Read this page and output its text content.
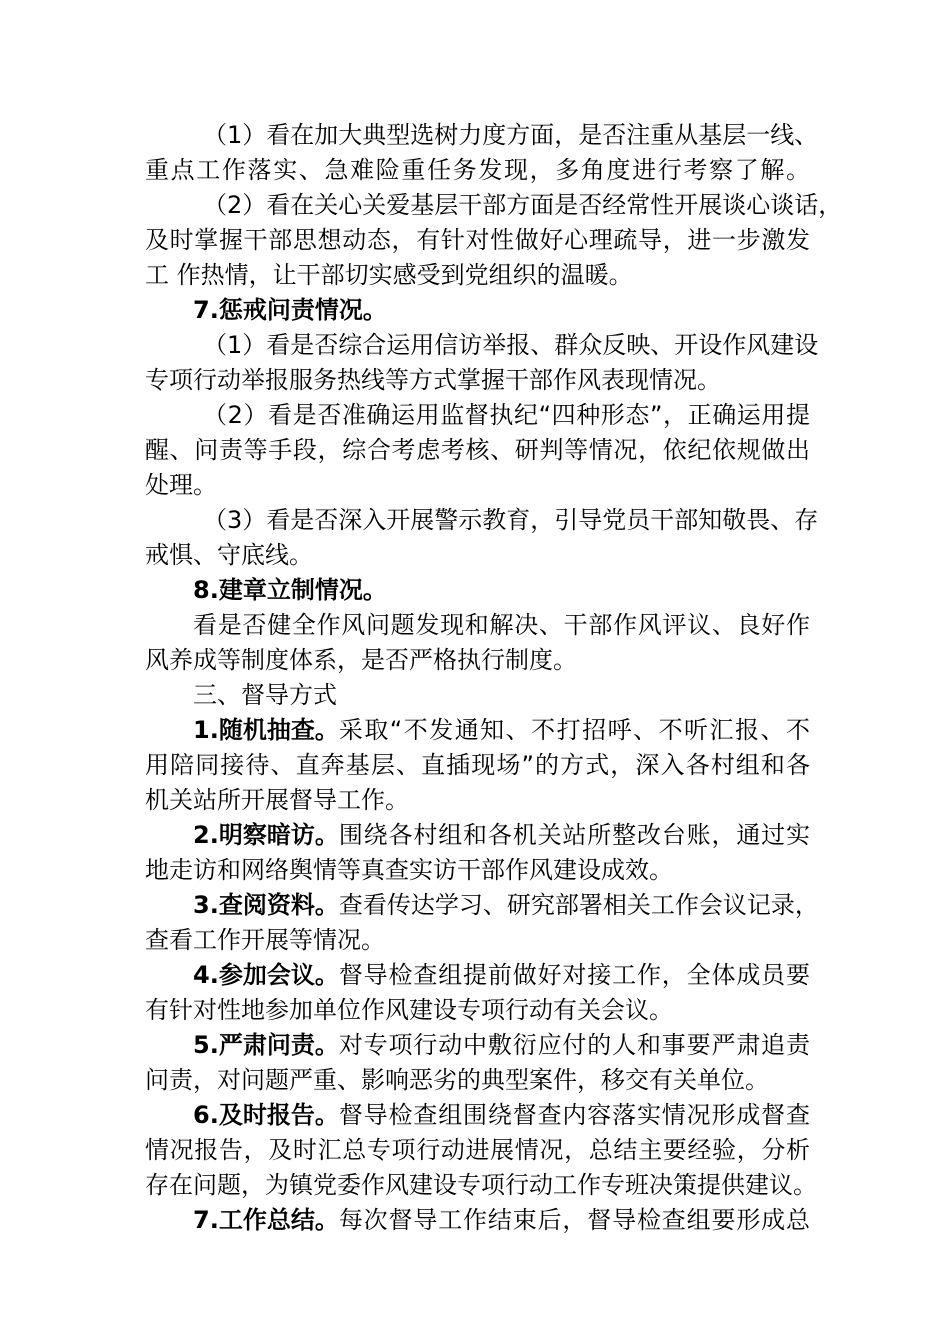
（1）看在加大典型选树力度方面，是否注重从基层一线、
重点工作落实、急难险重任务发现，多角度进行考察了解。
（2）看在关心关爱基层干部方面是否经常性开展谈心谈话，
及时掌握干部思想动态，有针对性做好心理疏导，进一步激发
工 作热情，让干部切实感受到党组织的温暖。
7.惩戒问责情况。
（1）看是否综合运用信访举报、群众反映、开设作风建设
专项行动举报服务热线等方式掌握干部作风表现情况。
（2）看是否准确运用监督执纪“四种形态”，正确运用提
醒、问责等手段，综合考虑考核、研判等情况，依纪依规做出
处理。
（3）看是否深入开展警示教育，引导党员干部知敬畏、存
戒惧、守底线。
8.建章立制情况。
看是否健全作风问题发现和解决、干部作风评议、良好作
风养成等制度体系，是否严格执行制度。
三、督导方式
1.随机抽查。 采取“不发通知、不打招呼、不听汇报、不
用陪同接待、直奔基层、直插现场”的方式，深入各村组和各
机关站所开展督导工作。
2.明察暗访。 围绕各村组和各机关站所整改台账，通过实
地走访和网络舆情等真查实访干部作风建设成效。
3.查阅资料。 查看传达学习、研究部署相关工作会议记录，
查看工作开展等情况。
4.参加会议。 督导检查组提前做好对接工作，全体成员要
有针对性地参加单位作风建设专项行动有关会议。
5.严肃问责。 对专项行动中敷衍应付的人和事要严肃追责
问责，对问题严重、影响恶劣的典型案件，移交有关单位。
6.及时报告。 督导检查组围绕督查内容落实情况形成督查
情况报告，及时汇总专项行动进展情况，总结主要经验，分析
存在问题，为镇党委作风建设专项行动工作专班决策提供建议。
7.工作总结。 每次督导工作结束后，督导检查组要形成总
